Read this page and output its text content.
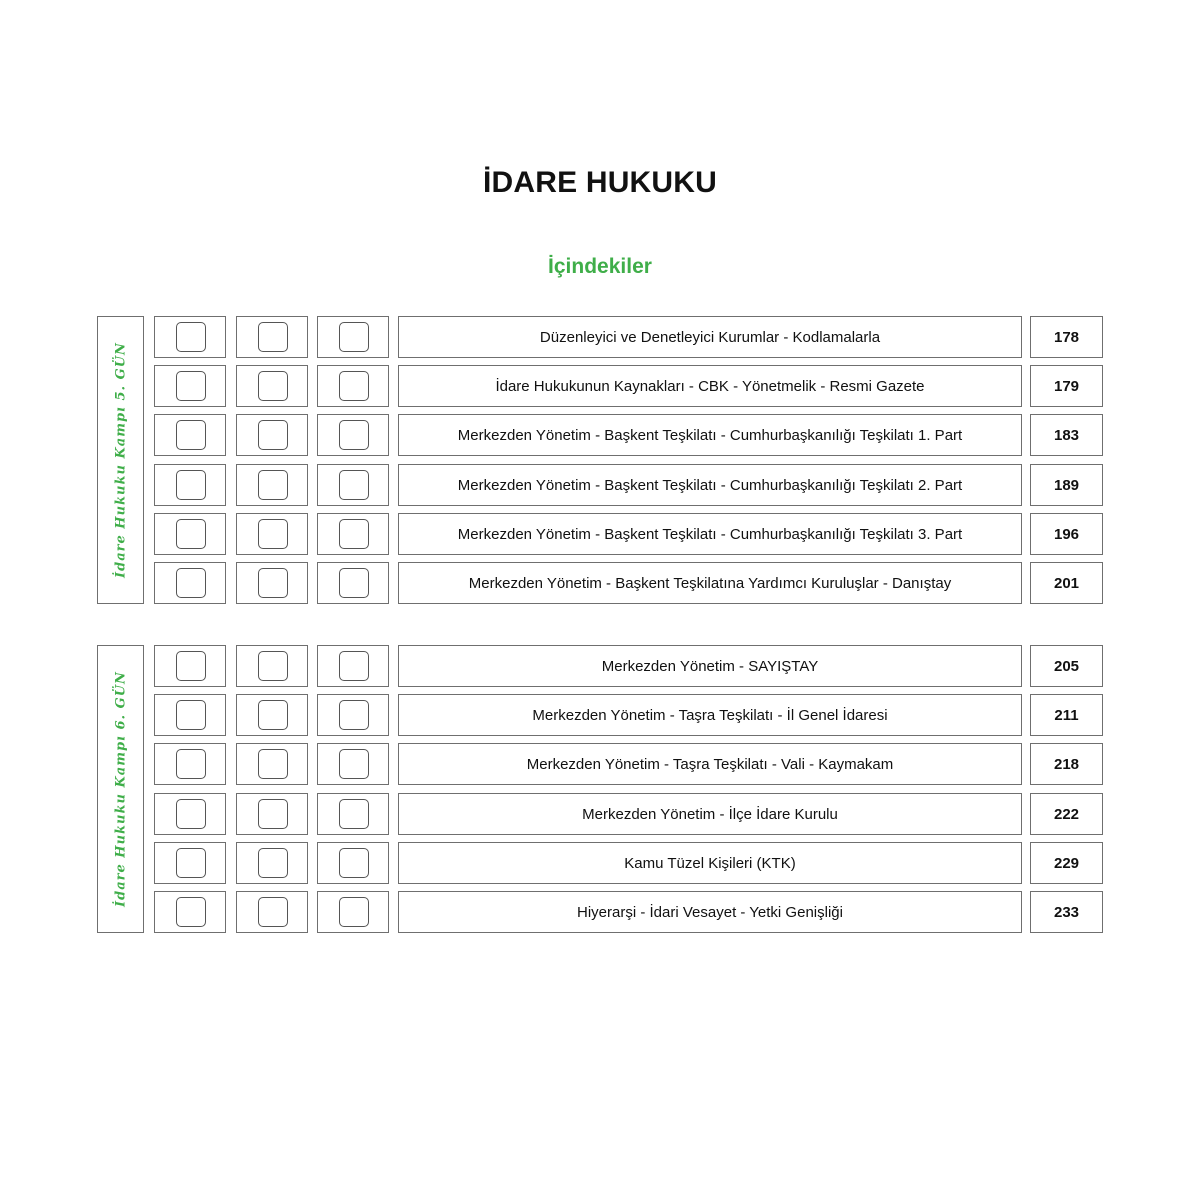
İDARE HUKUKU
İçindekiler
İdare Hukuku Kampı 5. GÜN
Düzenleyici ve Denetleyici Kurumlar - Kodlamalarla	178
İdare Hukukunun Kaynakları - CBK - Yönetmelik - Resmi Gazete	179
Merkezden Yönetim - Başkent Teşkilatı - Cumhurbaşkanılığı Teşkilatı 1. Part	183
Merkezden Yönetim - Başkent Teşkilatı - Cumhurbaşkanılığı Teşkilatı 2. Part	189
Merkezden Yönetim - Başkent Teşkilatı - Cumhurbaşkanılığı Teşkilatı 3. Part	196
Merkezden Yönetim - Başkent Teşkilatına Yardımcı Kuruluşlar - Danıştay	201
İdare Hukuku Kampı 6. GÜN
Merkezden Yönetim - SAYIŞTAY	205
Merkezden Yönetim - Taşra Teşkilatı - İl Genel İdaresi	211
Merkezden Yönetim - Taşra Teşkilatı - Vali - Kaymakam	218
Merkezden Yönetim - İlçe İdare Kurulu	222
Kamu Tüzel Kişileri (KTK)	229
Hiyerarşi - İdari Vesayet - Yetki Genişliği	233
